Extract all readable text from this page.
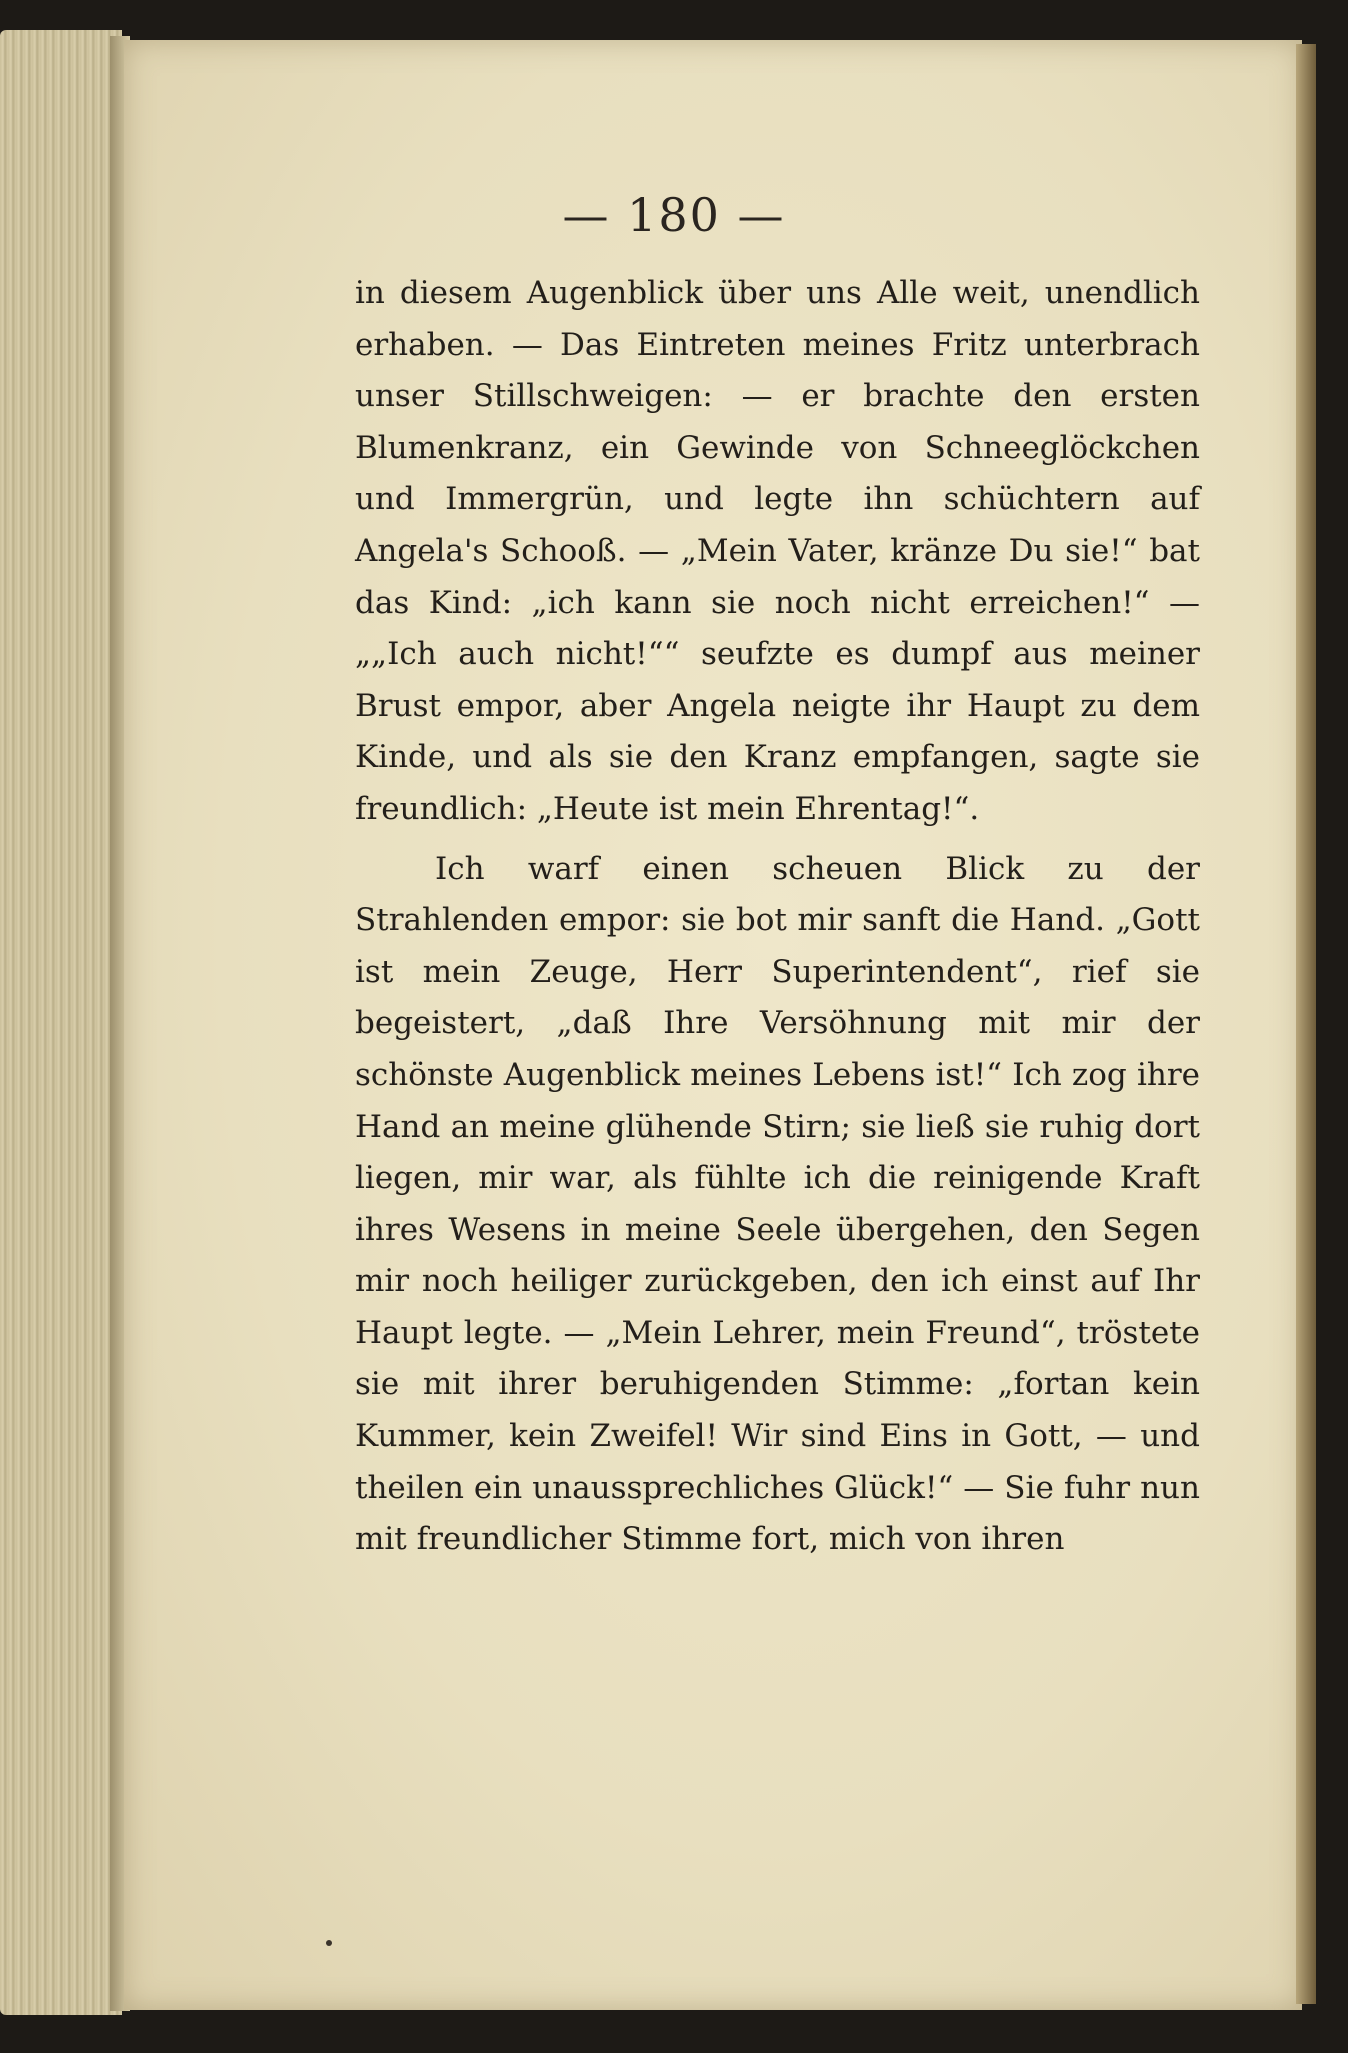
— 180 —

in diesem Augenblick über uns Alle weit, unendlich erhaben. — Das Eintreten meines Fritz unterbrach unser Stillschweigen: — er brachte den ersten Blumenkranz, ein Gewinde von Schneeglöckchen und Immergrün, und legte ihn schüchtern auf Angela's Schooß. — „Mein Vater, kränze Du sie!“ bat das Kind: „ich kann sie noch nicht erreichen!“ — „„Ich auch nicht!““ seufzte es dumpf aus meiner Brust empor, aber Angela neigte ihr Haupt zu dem Kinde, und als sie den Kranz empfangen, sagte sie freundlich: „Heute ist mein Ehrentag!“.

Ich warf einen scheuen Blick zu der Strahlenden empor: sie bot mir sanft die Hand. „Gott ist mein Zeuge, Herr Superintendent“, rief sie begeistert, „daß Ihre Versöhnung mit mir der schönste Augenblick meines Lebens ist!“ Ich zog ihre Hand an meine glühende Stirn; sie ließ sie ruhig dort liegen, mir war, als fühlte ich die reinigende Kraft ihres Wesens in meine Seele übergehen, den Segen mir noch heiliger zurückgeben, den ich einst auf Ihr Haupt legte. — „Mein Lehrer, mein Freund“, tröstete sie mit ihrer beruhigenden Stimme: „fortan kein Kummer, kein Zweifel! Wir sind Eins in Gott, — und theilen ein unaussprechliches Glück!“ — Sie fuhr nun mit freundlicher Stimme fort, mich von ihren
